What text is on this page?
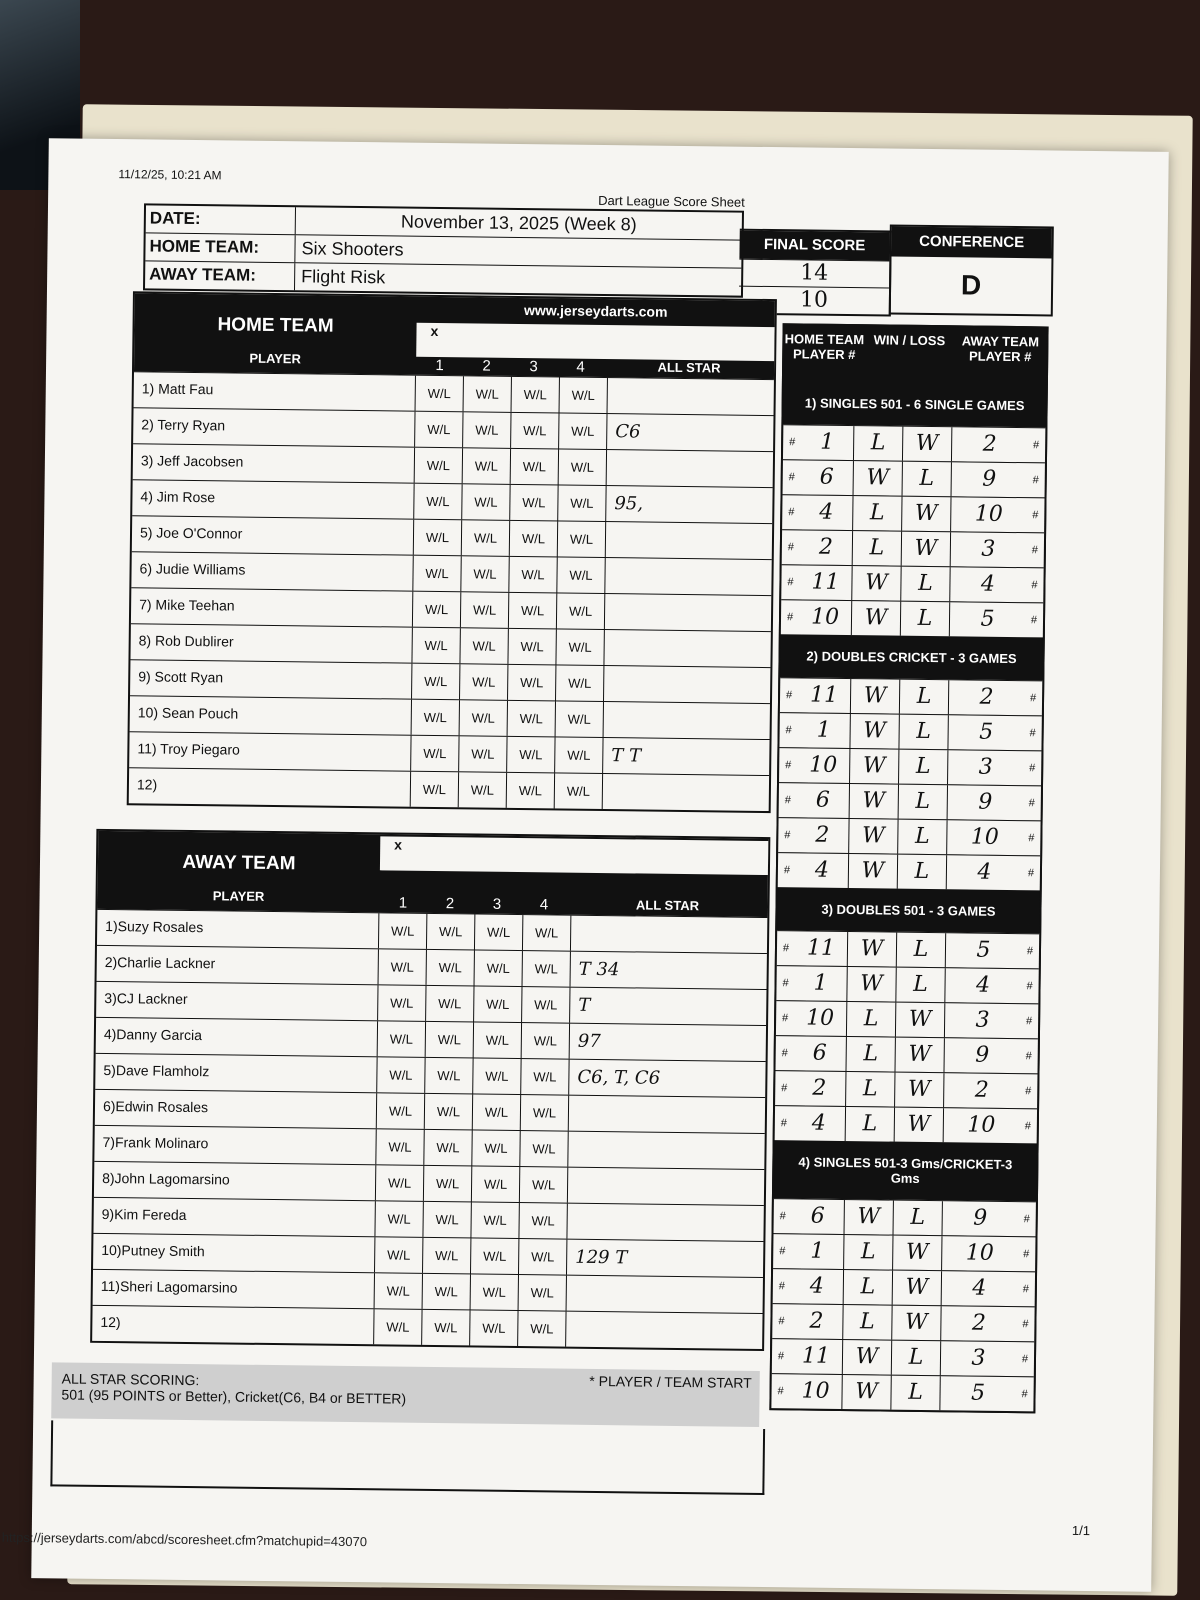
11/12/25, 10:21 AM
Dart League Score Sheet
DATE:	November 13, 2025 (Week 8)
HOME TEAM:	Six Shooters
AWAY TEAM:	Flight Risk
FINAL SCORE
14
10
CONFERENCE
D
HOME TEAM
PLAYER
www.jerseydarts.com
x
1	2	3	4	ALL STAR
1) Matt Fau	W/L	W/L	W/L	W/L
2) Terry Ryan	W/L	W/L	W/L	W/L	C6
3) Jeff Jacobsen	W/L	W/L	W/L	W/L
4) Jim Rose	W/L	W/L	W/L	W/L	95,
5) Joe O'Connor	W/L	W/L	W/L	W/L
6) Judie Williams	W/L	W/L	W/L	W/L
7) Mike Teehan	W/L	W/L	W/L	W/L
8) Rob Dublirer	W/L	W/L	W/L	W/L
9) Scott Ryan	W/L	W/L	W/L	W/L
10) Sean Pouch	W/L	W/L	W/L	W/L
11) Troy Piegaro	W/L	W/L	W/L	W/L	T T
12)	W/L	W/L	W/L	W/L
AWAY TEAM
PLAYER
x
1	2	3	4	ALL STAR
1)Suzy Rosales	W/L	W/L	W/L	W/L
2)Charlie Lackner	W/L	W/L	W/L	W/L	T 34
3)CJ Lackner	W/L	W/L	W/L	W/L	T
4)Danny Garcia	W/L	W/L	W/L	W/L	97
5)Dave Flamholz	W/L	W/L	W/L	W/L	C6, T, C6
6)Edwin Rosales	W/L	W/L	W/L	W/L
7)Frank Molinaro	W/L	W/L	W/L	W/L
8)John Lagomarsino	W/L	W/L	W/L	W/L
9)Kim Fereda	W/L	W/L	W/L	W/L
10)Putney Smith	W/L	W/L	W/L	W/L	129 T
11)Sheri Lagomarsino	W/L	W/L	W/L	W/L
12)	W/L	W/L	W/L	W/L
ALL STAR SCORING:
501 (95 POINTS or Better), Cricket(C6, B4 or BETTER)
* PLAYER / TEAM START
HOME TEAM PLAYER #
WIN / LOSS	AWAY TEAM PLAYER #
1) SINGLES 501 - 6 SINGLE GAMES
#	1	L	W	2	#
#	6	W	L	9	#
#	4	L	W	10	#
#	2	L	W	3	#
# 11	W	L	4	#
# 10	W	L	5	#
2) DOUBLES CRICKET - 3 GAMES
# 11	W	L	2	#
#	1	W	L	5	#
# 10	W	L	3	#
#	6	W	L	9	#
#	2	W	L	10	#
#	4	W	L	4	#
3) DOUBLES 501 - 3 GAMES
# 11	W	L	5	#
#	1	W	L	4	#
# 10	L	W	3	#
#	6	L	W	9	#
#	2	L	W	2	#
#	4	L	W	10	#
4) SINGLES 501-3 Gms/CRICKET-3 Gms
#	6	W	L	9	#
#	1	L	W	10	#
#	4	L	W	4	#
#	2	L	W	2	#
# 11	W	L	3	#
# 10	W	L	5	#
https://jerseydarts.com/abcd/scoresheet.cfm?matchupid=43070	1/1
